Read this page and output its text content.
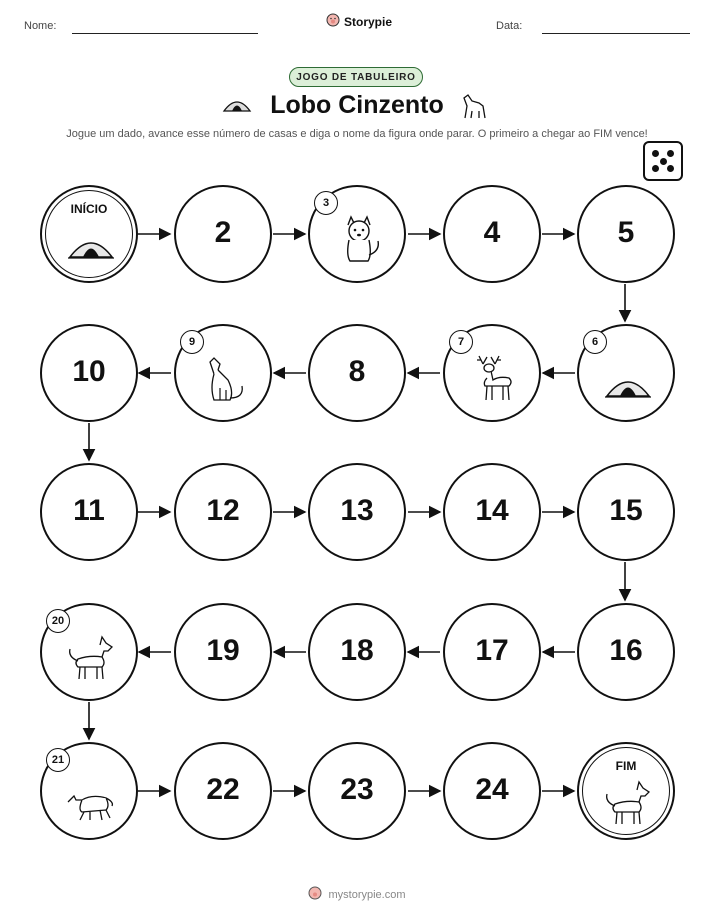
Nome:	Storypie	Data:
JOGO DE TABULEIRO
Lobo Cinzento
Jogue um dado, avance esse número de casas e diga o nome da figura onde parar. O primeiro a chegar ao FIM vence!
INÍCIO
2
3
4	5
6
7
8
9
10
11	12	13	14	15
16
17
18
19
20
21
22	23	24
FIM
mystorypie.com
